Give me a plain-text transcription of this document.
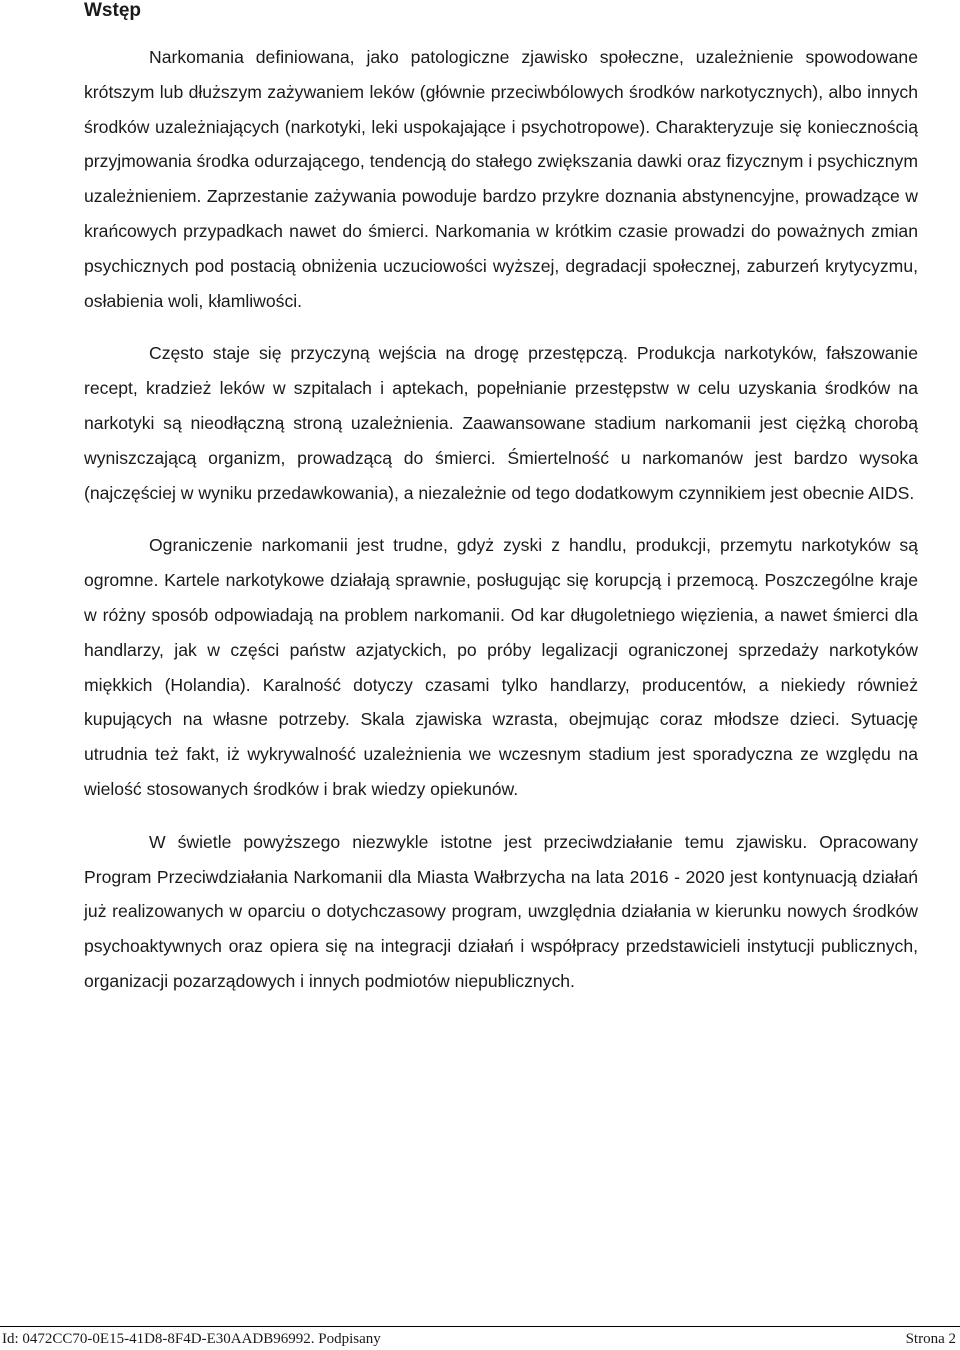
Wstęp

Narkomania definiowana, jako patologiczne zjawisko społeczne, uzależnienie spowodowane krótszym lub dłuższym zażywaniem leków (głównie przeciwbólowych środków narkotycznych), albo innych środków uzależniających (narkotyki, leki uspokajające i psychotropowe). Charakteryzuje się koniecznością przyjmowania środka odurzającego, tendencją do stałego zwiększania dawki oraz fizycznym i psychicznym uzależnieniem. Zaprzestanie zażywania powoduje bardzo przykre doznania abstynencyjne, prowadzące w krańcowych przypadkach nawet do śmierci. Narkomania w krótkim czasie prowadzi do poważnych zmian psychicznych pod postacią obniżenia uczuciowości wyższej, degradacji społecznej, zaburzeń krytycyzmu, osłabienia woli, kłamliwości.

Często staje się przyczyną wejścia na drogę przestępczą. Produkcja narkotyków, fałszowanie recept, kradzież leków w szpitalach i aptekach, popełnianie przestępstw w celu uzyskania środków na narkotyki są nieodłączną stroną uzależnienia. Zaawansowane stadium narkomanii jest ciężką chorobą wyniszczającą organizm, prowadzącą do śmierci. Śmiertelność u narkomanów jest bardzo wysoka (najczęściej w wyniku przedawkowania), a niezależnie od tego dodatkowym czynnikiem jest obecnie AIDS.

Ograniczenie narkomanii jest trudne, gdyż zyski z handlu, produkcji, przemytu narkotyków są ogromne. Kartele narkotykowe działają sprawnie, posługując się korupcją i przemocą. Poszczególne kraje w różny sposób odpowiadają na problem narkomanii. Od kar długoletniego więzienia, a nawet śmierci dla handlarzy, jak w części państw azjatyckich, po próby legalizacji ograniczonej sprzedaży narkotyków miękkich (Holandia). Karalność dotyczy czasami tylko handlarzy, producentów, a niekiedy również kupujących na własne potrzeby. Skala zjawiska wzrasta, obejmując coraz młodsze dzieci. Sytuację utrudnia też fakt, iż wykrywalność uzależnienia we wczesnym stadium jest sporadyczna ze względu na wielość stosowanych środków i brak wiedzy opiekunów.

W świetle powyższego niezwykle istotne jest przeciwdziałanie temu zjawisku. Opracowany Program Przeciwdziałania Narkomanii dla Miasta Wałbrzycha na lata 2016 - 2020 jest kontynuacją działań już realizowanych w oparciu o dotychczasowy program, uwzględnia działania w kierunku nowych środków psychoaktywnych oraz opiera się na integracji działań i współpracy przedstawicieli instytucji publicznych, organizacji pozarządowych i innych podmiotów niepublicznych.

Id: 0472CC70-0E15-41D8-8F4D-E30AADB96992. Podpisany	Strona 2
